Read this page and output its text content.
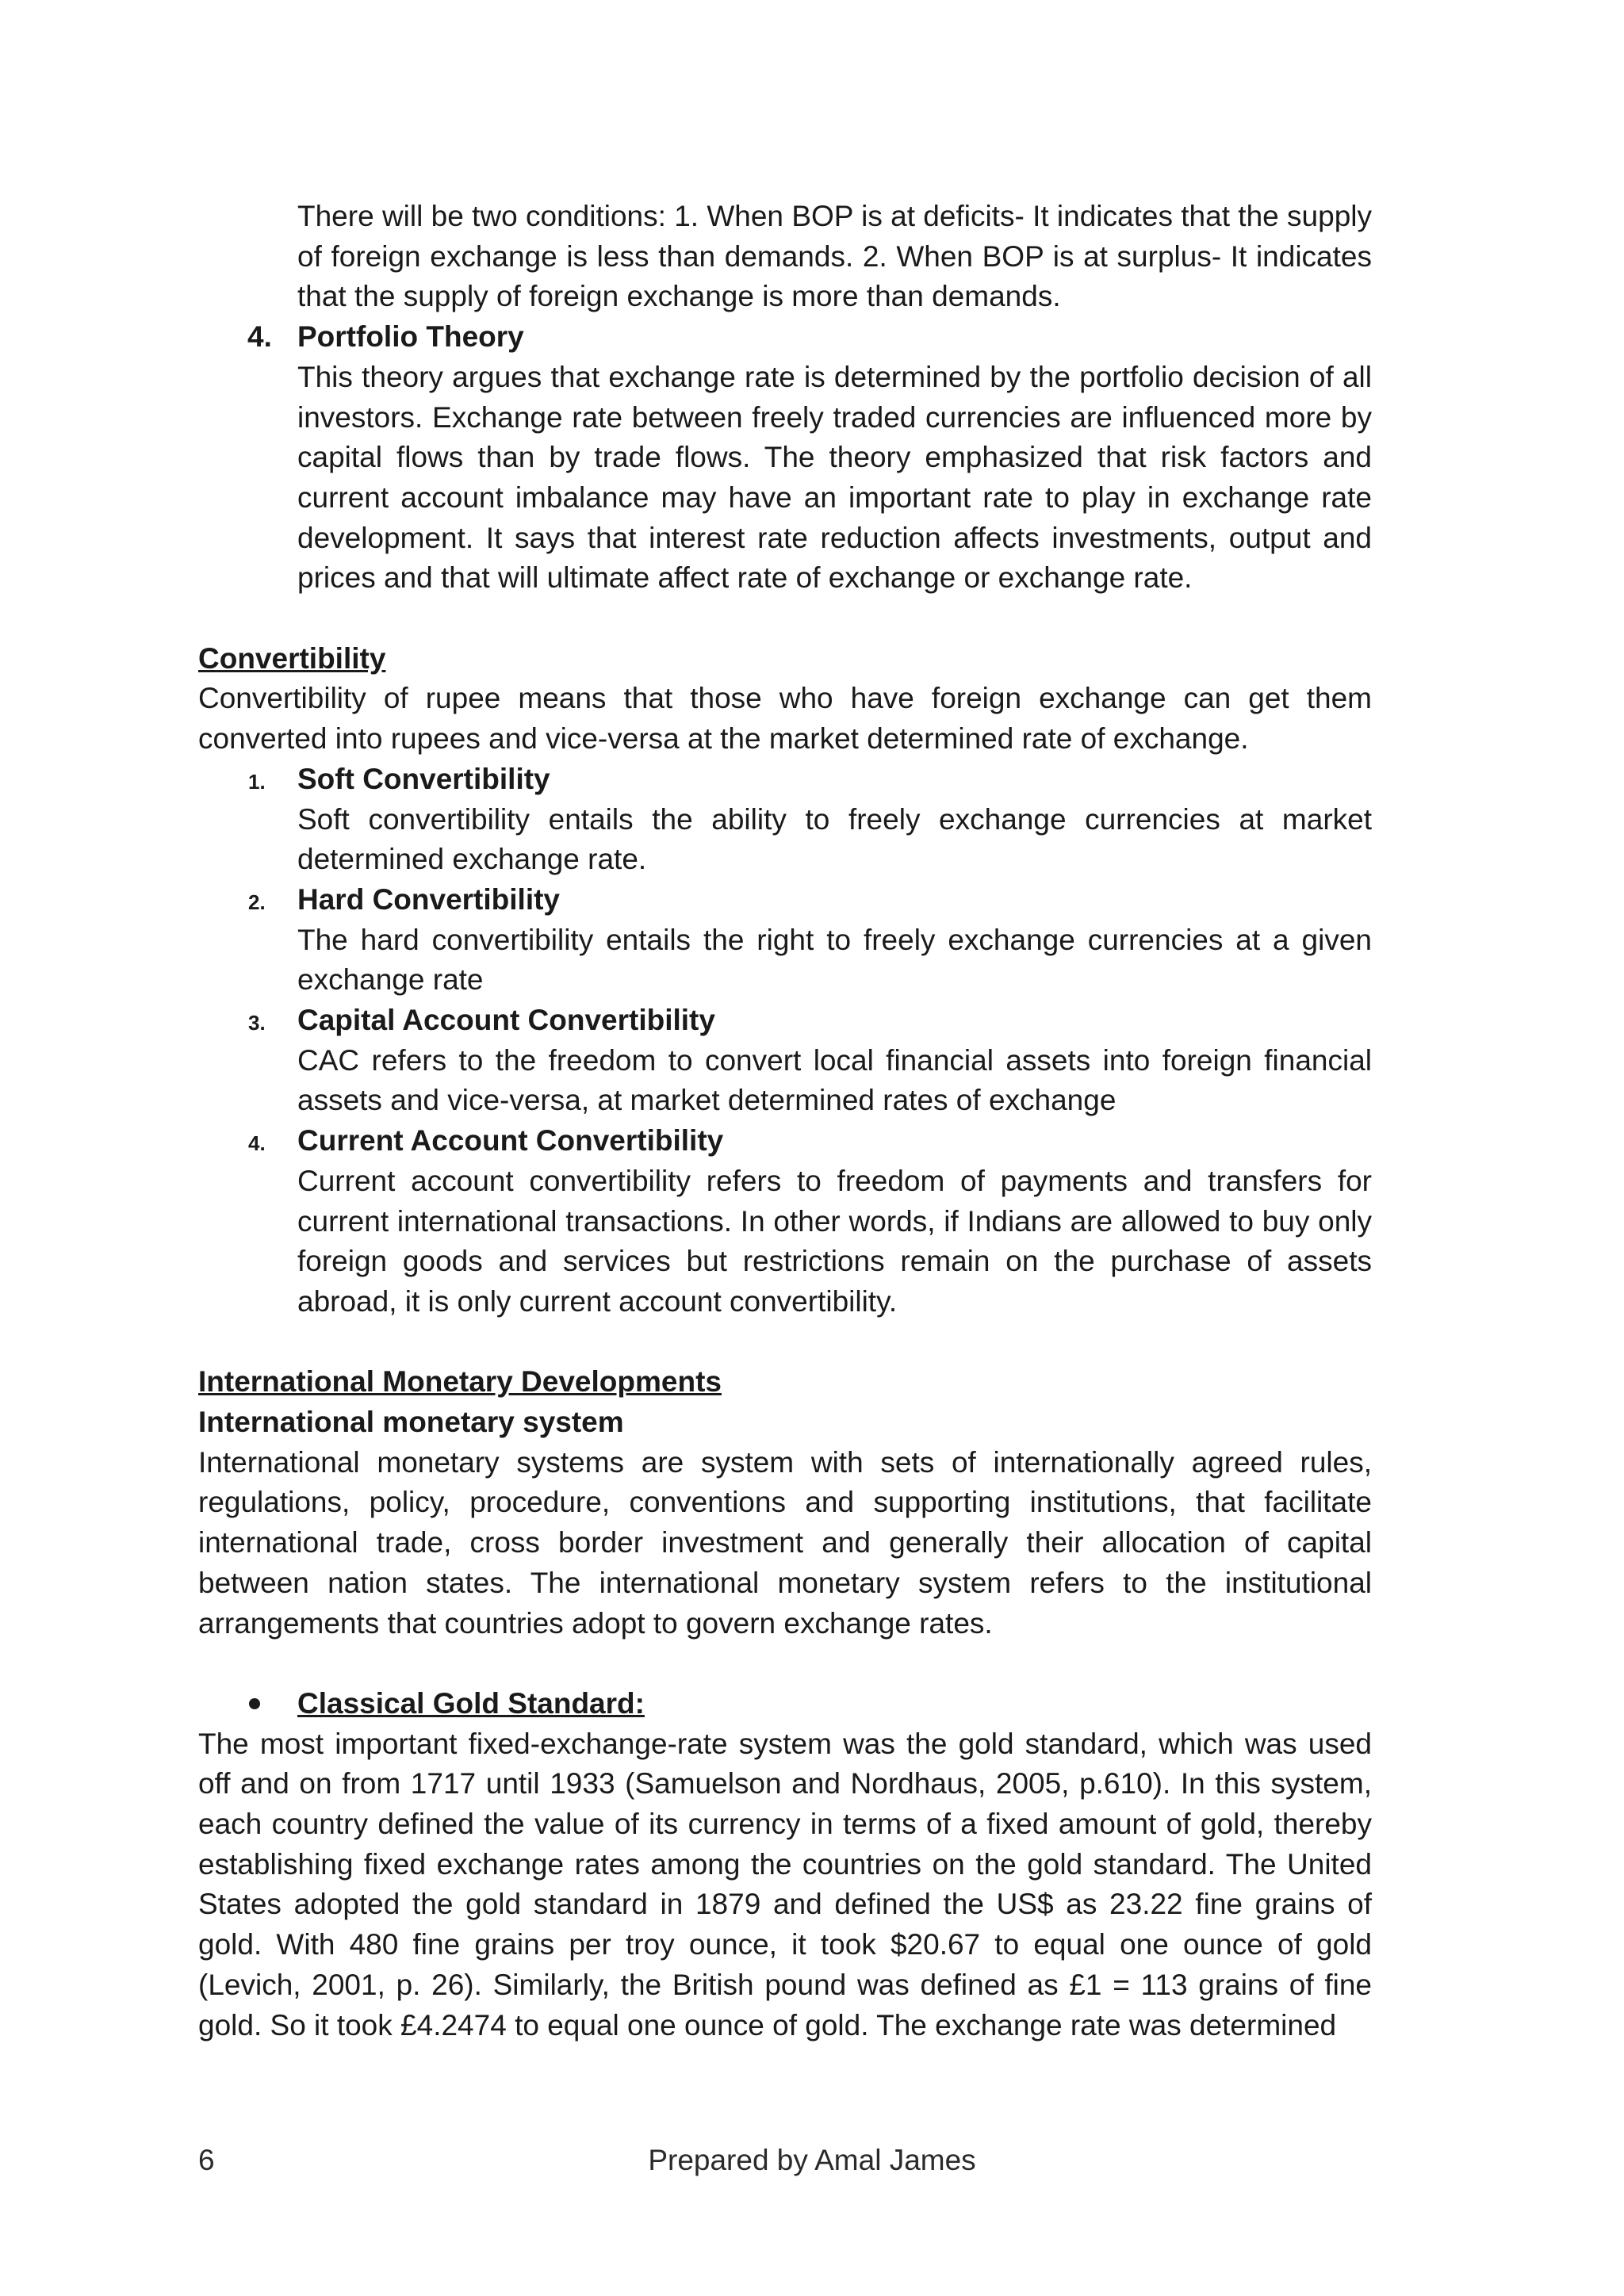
There will be two conditions: 1. When BOP is at deficits- It indicates that the supply of foreign exchange is less than demands. 2. When BOP is at surplus- It indicates that the supply of foreign exchange is more than demands.

4. Portfolio Theory

This theory argues that exchange rate is determined by the portfolio decision of all investors. Exchange rate between freely traded currencies are influenced more by capital flows than by trade flows. The theory emphasized that risk factors and current account imbalance may have an important rate to play in exchange rate development. It says that interest rate reduction affects investments, output and prices and that will ultimate affect rate of exchange or exchange rate.

Convertibility

Convertibility of rupee means that those who have foreign exchange can get them converted into rupees and vice-versa at the market determined rate of exchange.

1. Soft Convertibility

Soft convertibility entails the ability to freely exchange currencies at market determined exchange rate.

2. Hard Convertibility

The hard convertibility entails the right to freely exchange currencies at a given exchange rate

3. Capital Account Convertibility

CAC refers to the freedom to convert local financial assets into foreign financial assets and vice-versa, at market determined rates of exchange

4. Current Account Convertibility

Current account convertibility refers to freedom of payments and transfers for current international transactions. In other words, if Indians are allowed to buy only foreign goods and services but restrictions remain on the purchase of assets abroad, it is only current account convertibility.

International Monetary Developments

International monetary system

International monetary systems are system with sets of internationally agreed rules, regulations, policy, procedure, conventions and supporting institutions, that facilitate international trade, cross border investment and generally their allocation of capital between nation states. The international monetary system refers to the institutional arrangements that countries adopt to govern exchange rates.

Classical Gold Standard:

The most important fixed-exchange-rate system was the gold standard, which was used off and on from 1717 until 1933 (Samuelson and Nordhaus, 2005, p.610). In this system, each country defined the value of its currency in terms of a fixed amount of gold, thereby establishing fixed exchange rates among the countries on the gold standard. The United States adopted the gold standard in 1879 and defined the US$ as 23.22 fine grains of gold. With 480 fine grains per troy ounce, it took $20.67 to equal one ounce of gold (Levich, 2001, p. 26). Similarly, the British pound was defined as £1 = 113 grains of fine gold. So it took £4.2474 to equal one ounce of gold. The exchange rate was determined

6	Prepared by Amal James
